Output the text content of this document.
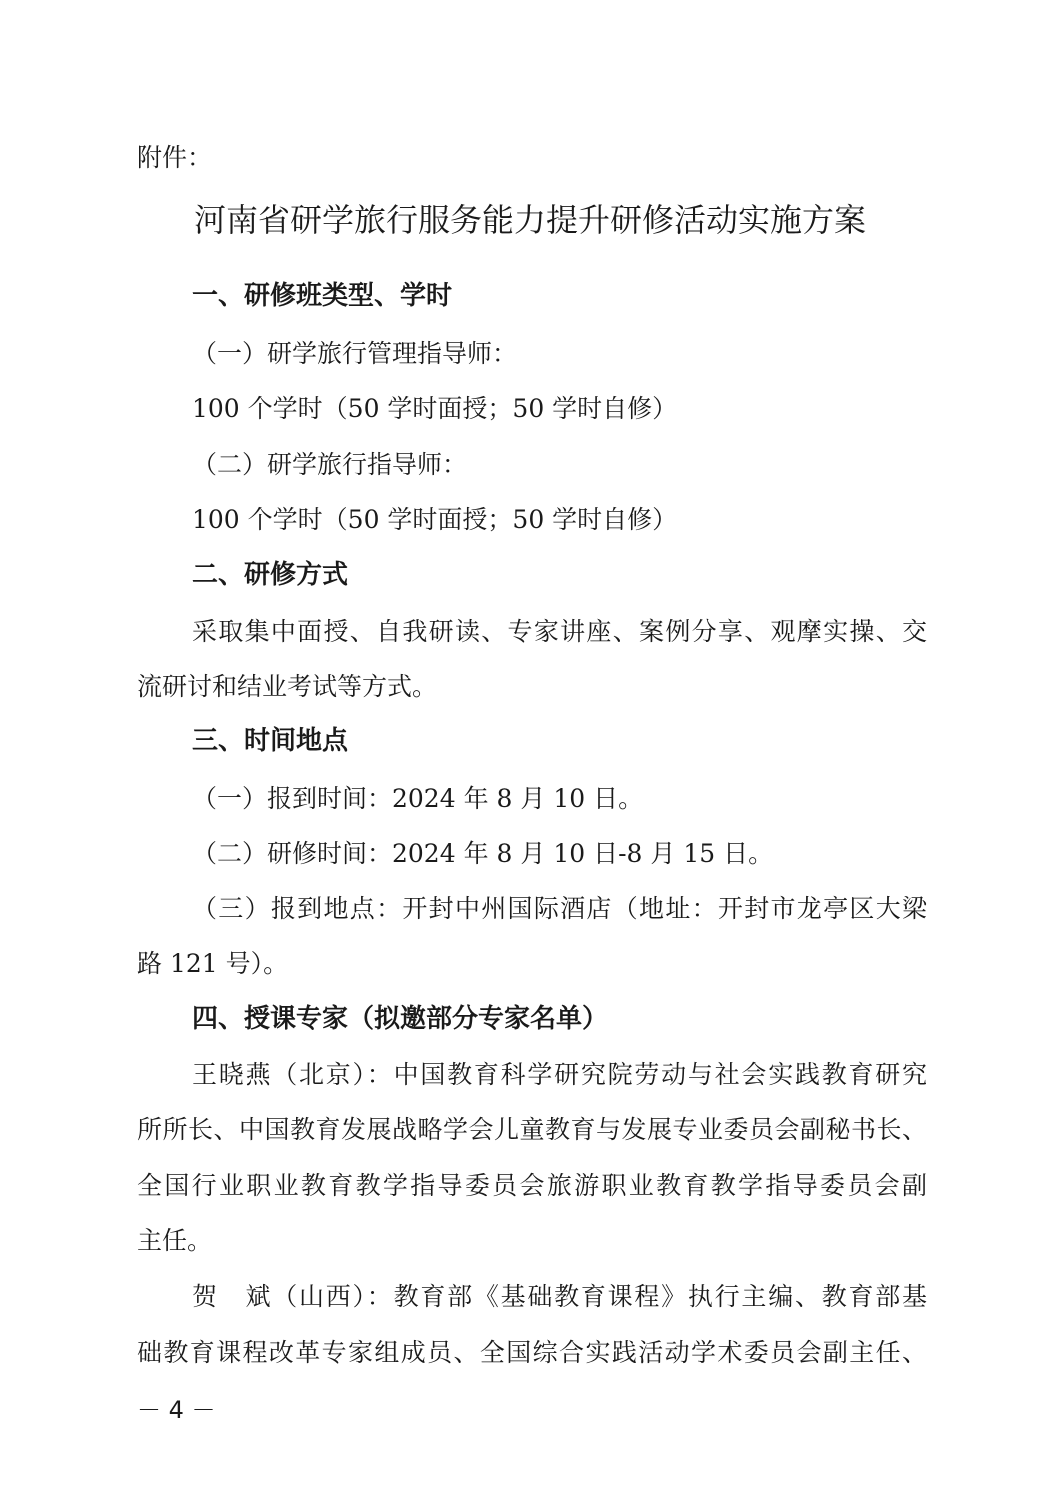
附件：
河南省研学旅行服务能力提升研修活动实施方案
一、研修班类型、学时
（一）研学旅行管理指导师：
100 个学时（50 学时面授；50 学时自修）
（二）研学旅行指导师：
100 个学时（50 学时面授；50 学时自修）
二、研修方式
采取集中面授、自我研读、专家讲座、案例分享、观摩实操、交
流研讨和结业考试等方式。
三、时间地点
（一）报到时间：2024 年 8 月 10 日。
（二）研修时间：2024 年 8 月 10 日-8 月 15 日。
（三）报到地点：开封中州国际酒店（地址：开封市龙亭区大梁
路 121 号）。
四、授课专家（拟邀部分专家名单）
王晓燕（北京）：中国教育科学研究院劳动与社会实践教育研究
所所长、中国教育发展战略学会儿童教育与发展专业委员会副秘书长、
全国行业职业教育教学指导委员会旅游职业教育教学指导委员会副
主任。
贺　斌（山西）：教育部《基础教育课程》执行主编、教育部基
础教育课程改革专家组成员、全国综合实践活动学术委员会副主任、
－ 4 －
